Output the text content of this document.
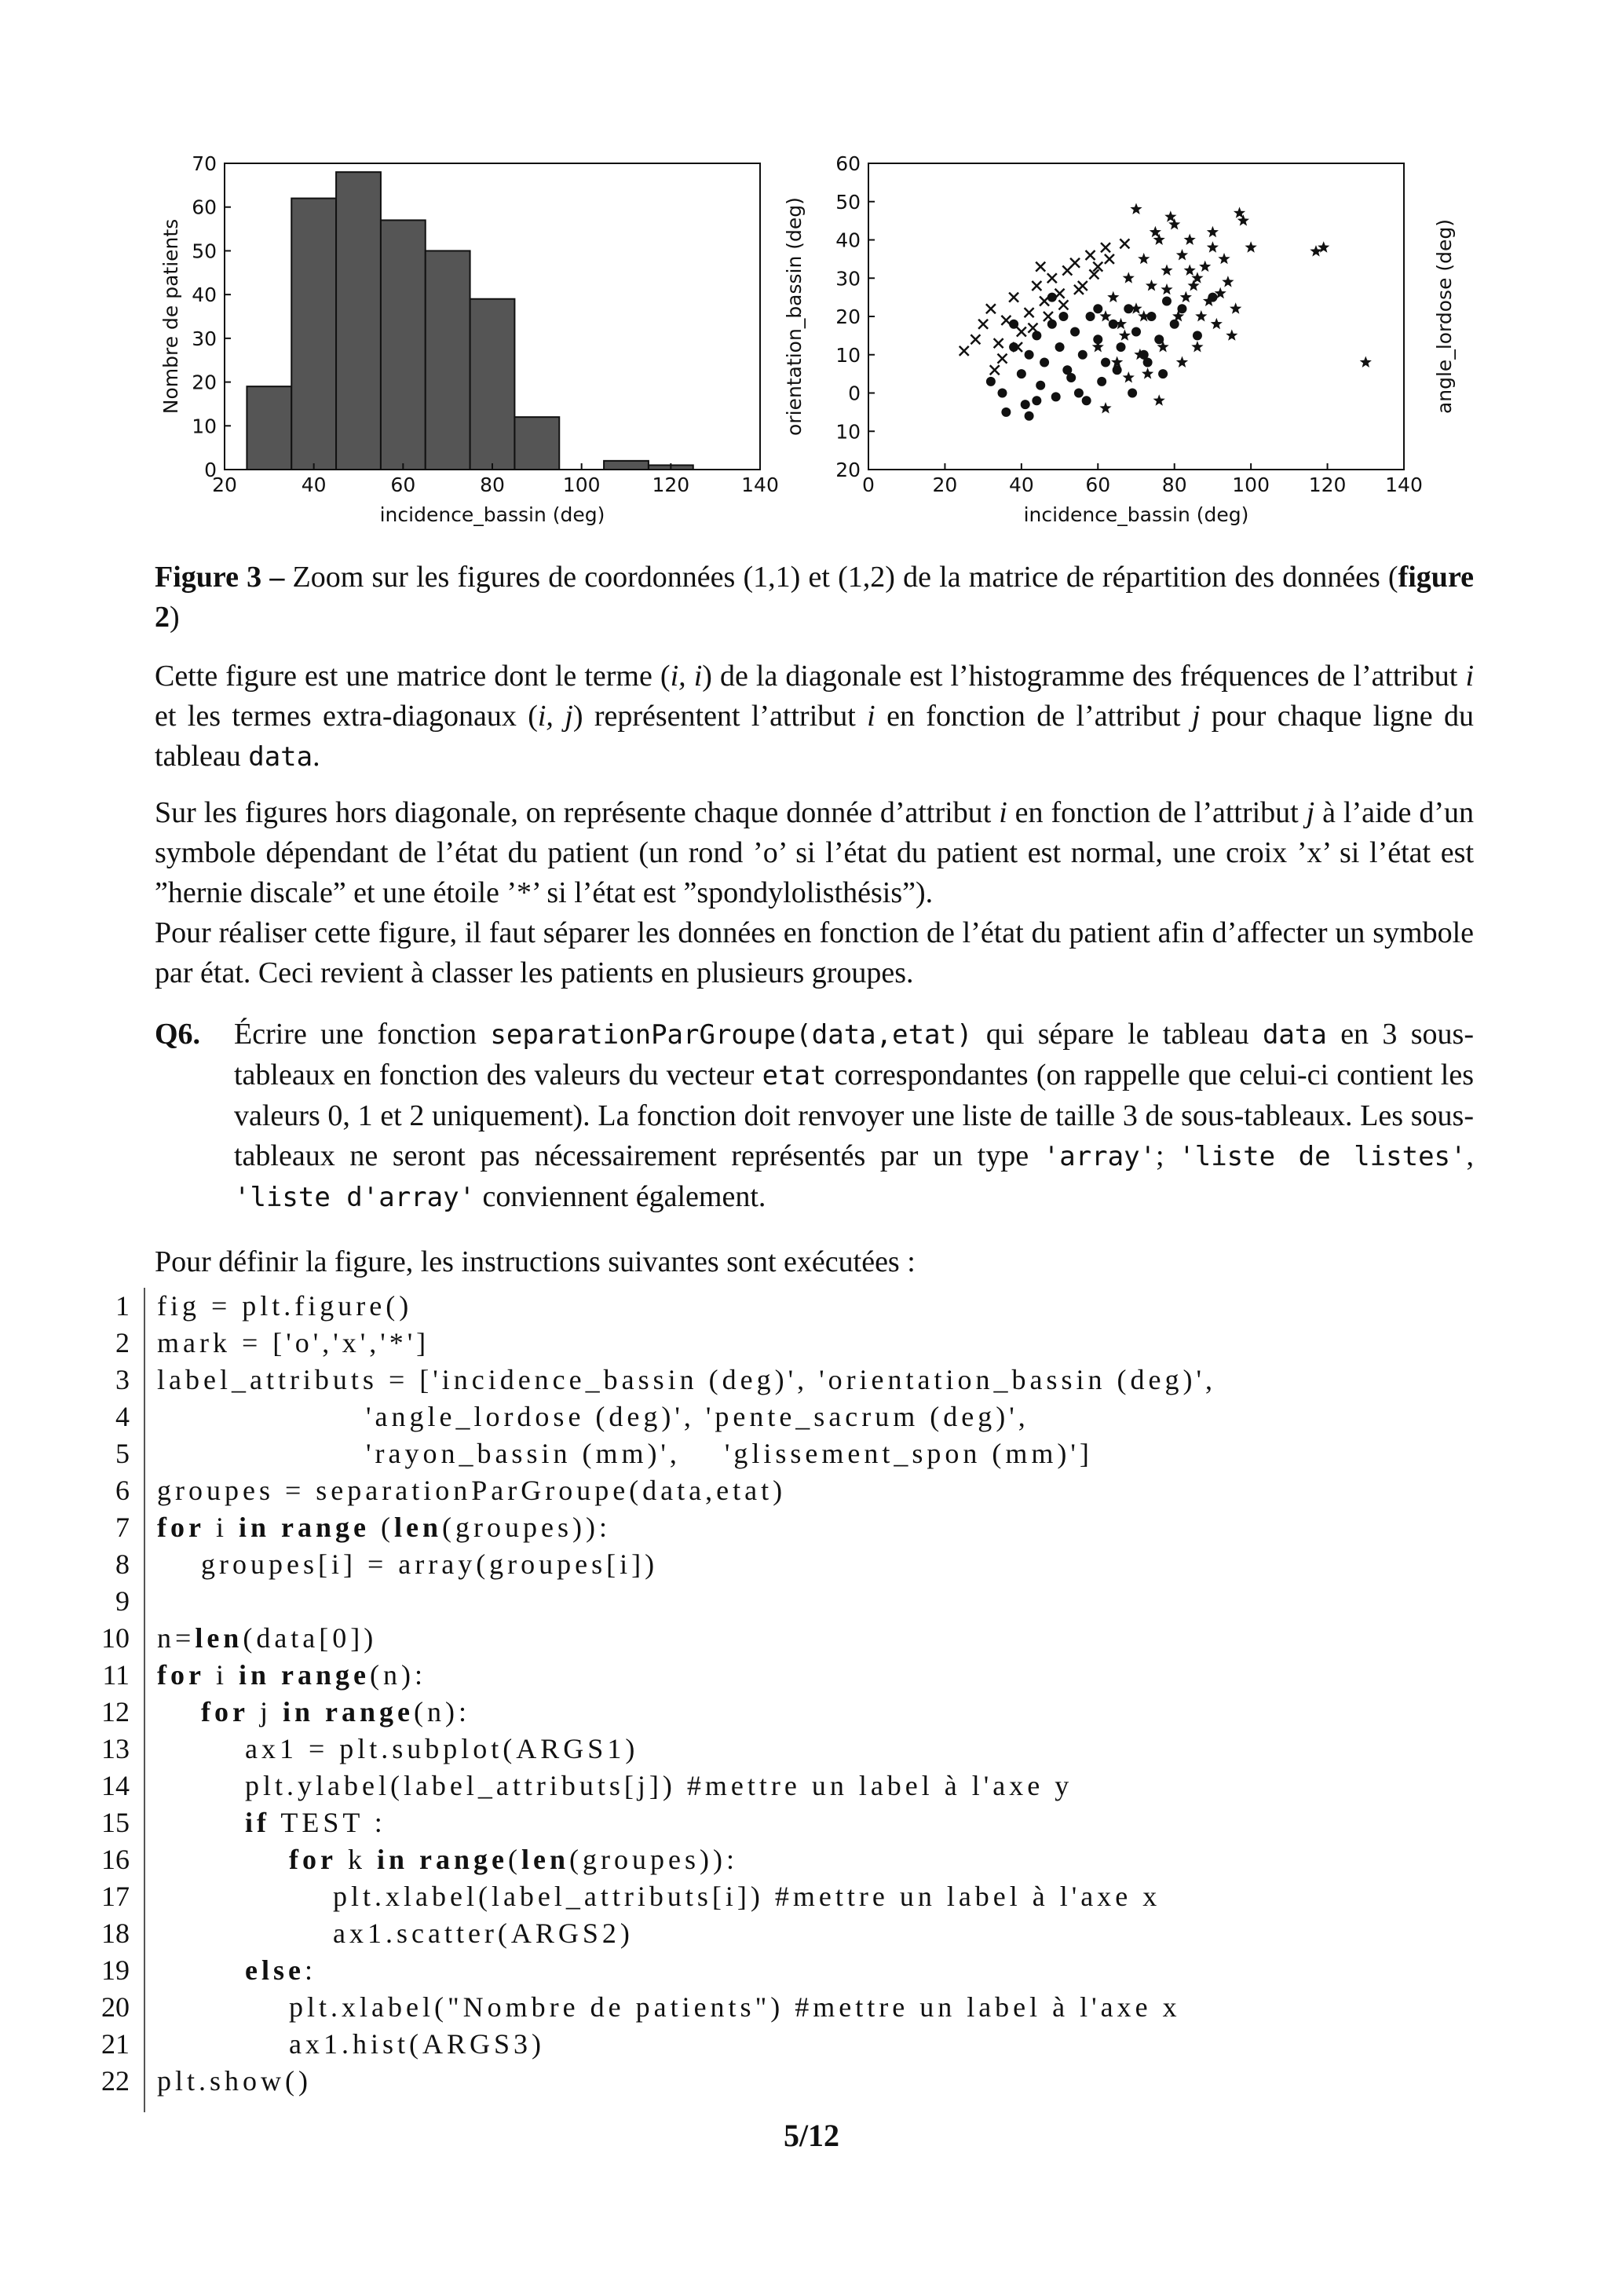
20	40	60	80	100	120	140
0
10
20
30
40
50
60
70
incidence_bassin (deg)
Nombre de patients
0	20	40	60	80 100 120 140
20
10
0
10
20
30
40
50
60
incidence_bassin (deg)
orientation_bassin (deg)	angle_lordose (deg)
Figure 3 – Zoom sur les figures de coordonnées (1,1) et (1,2) de la matrice de répartition des données (figure 2)
Cette figure est une matrice dont le terme (i, i) de la diagonale est l’histogramme des fréquences de l’attribut i et les termes extra-diagonaux (i, j) représentent l’attribut i en fonction de l’attribut j pour chaque ligne du tableau data.
Sur les figures hors diagonale, on représente chaque donnée d’attribut i en fonction de l’attribut j à l’aide d’un symbole dépendant de l’état du patient (un rond ’o’ si l’état du patient est normal, une croix ’x’ si l’état est ”hernie discale” et une étoile ’*’ si l’état est ”spondylolisthésis”).
Pour réaliser cette figure, il faut séparer les données en fonction de l’état du patient afin d’affecter un symbole par état. Ceci revient à classer les patients en plusieurs groupes.
Q6.	Écrire une fonction separationParGroupe(data,etat) qui sépare le tableau data en 3 sous-tableaux en fonction des valeurs du vecteur etat correspondantes (on rappelle que celui-ci contient les valeurs 0, 1 et 2 uniquement). La fonction doit renvoyer une liste de taille 3 de sous-tableaux. Les sous-tableaux ne seront pas nécessairement représentés par un type 'array'; 'liste de listes', 'liste d'array' conviennent également.
Pour définir la figure, les instructions suivantes sont exécutées :
1 fig = plt.figure()
2 mark = ['o','x','*']
3 label_attributs = ['incidence_bassin (deg)', 'orientation_bassin (deg)',
4 'angle_lordose (deg)', 'pente_sacrum (deg)',
5 'rayon_bassin (mm)',    'glissement_spon (mm)']
6 groupes = separationParGroupe(data,etat)
7 for i in range (len(groupes)):
8 groupes[i] = array(groupes[i])
9
10 n=len(data[0])
11 for i in range(n):
12	for j in range(n):
13 ax1 = plt.subplot(ARGS1)
14 plt.ylabel(label_attributs[j]) #mettre un label à l'axe y
15	if TEST :
16	for k in range(len(groupes)):
17 plt.xlabel(label_attributs[i]) #mettre un label à l'axe x
18 ax1.scatter(ARGS2)
19	else:
20 plt.xlabel("Nombre de patients") #mettre un label à l'axe x
21 ax1.hist(ARGS3)
22 plt.show()
5/12
